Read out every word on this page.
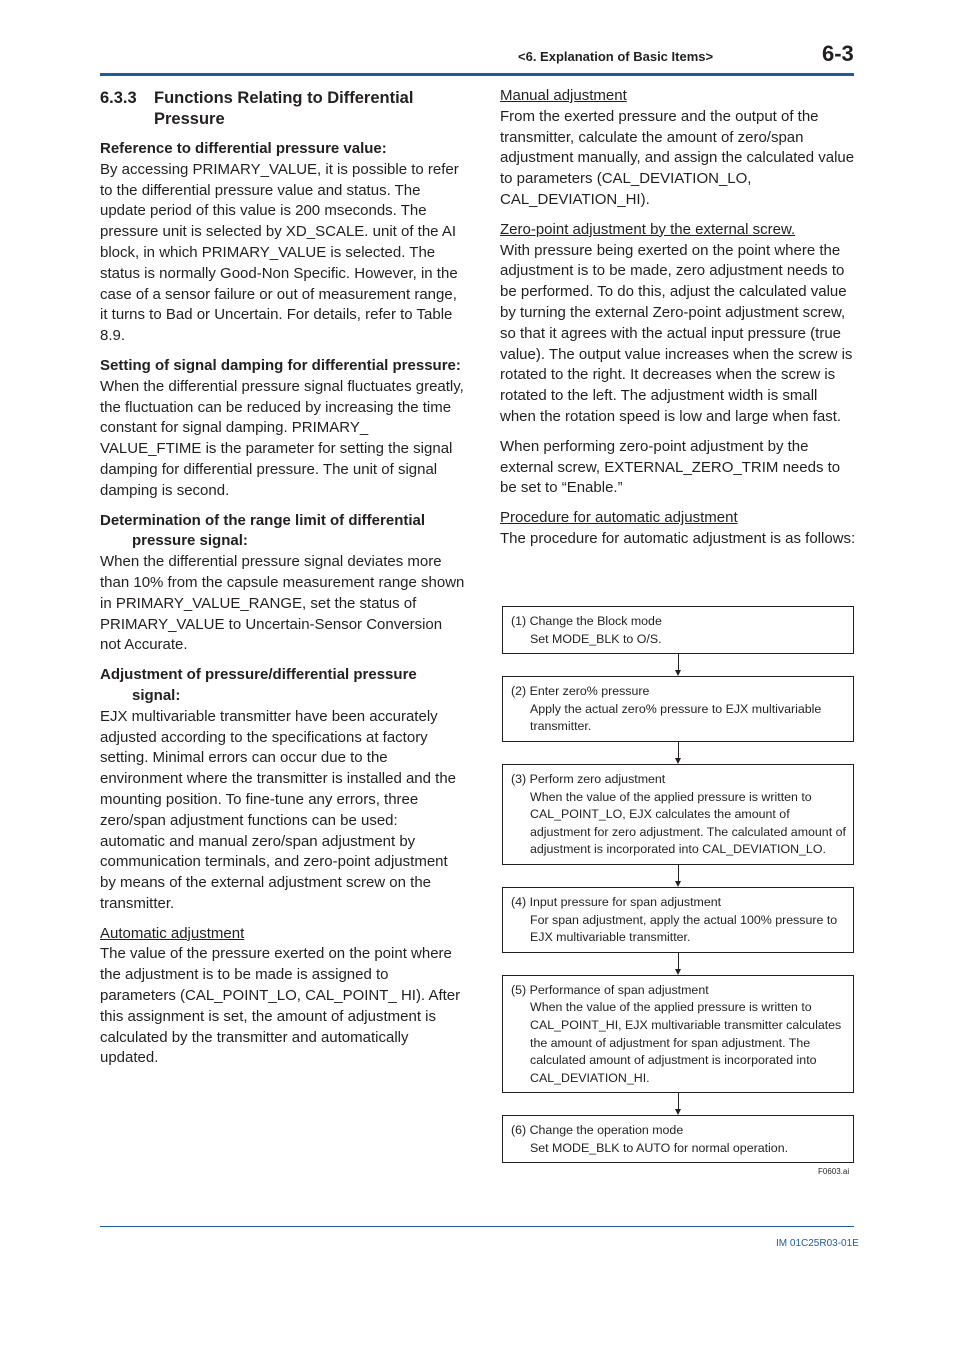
<6. Explanation of Basic Items>	6-3
6.3.3	Functions Relating to Differential Pressure
Reference to differential pressure value:

By accessing PRIMARY_VALUE, it is possible to refer to the differential pressure value and status. The update period of this value is 200 mseconds. The pressure unit is selected by XD_SCALE. unit of the AI block, in which PRIMARY_VALUE is selected. The status is normally Good-Non Specific. However, in the case of a sensor failure or out of measurement range, it turns to Bad or Uncertain. For details, refer to Table 8.9.

Setting of signal damping for differential pressure:

When the differential pressure signal fluctuates greatly, the fluctuation can be reduced by increasing the time constant for signal damping. PRIMARY_ VALUE_FTIME is the parameter for setting the signal damping for differential pressure. The unit of signal damping is second.

Determination of the range limit of differential pressure signal:

When the differential pressure signal deviates more than 10% from the capsule measurement range shown in PRIMARY_VALUE_RANGE, set the status of PRIMARY_VALUE to Uncertain-Sensor Conversion not Accurate.

Adjustment of pressure/differential pressure signal:

EJX multivariable transmitter have been accurately adjusted according to the specifications at factory setting. Minimal errors can occur due to the environment where the transmitter is installed and the mounting position. To fine-tune any errors, three zero/span adjustment functions can be used: automatic and manual zero/span adjustment by communication terminals, and zero-point adjustment by means of the external adjustment screw on the transmitter.

Automatic adjustment

The value of the pressure exerted on the point where the adjustment is to be made is assigned to parameters (CAL_POINT_LO, CAL_POINT_ HI). After this assignment is set, the amount of adjustment is calculated by the transmitter and automatically updated.

Manual adjustment

From the exerted pressure and the output of the transmitter, calculate the amount of zero/span adjustment manually, and assign the calculated value to parameters (CAL_DEVIATION_LO, CAL_DEVIATION_HI).

Zero-point adjustment by the external screw.

With pressure being exerted on the point where the adjustment is to be made, zero adjustment needs to be performed. To do this, adjust the calculated value by turning the external Zero-point adjustment screw, so that it agrees with the actual input pressure (true value). The output value increases when the screw is rotated to the right. It decreases when the screw is rotated to the left. The adjustment width is small when the rotation speed is low and large when fast.

When performing zero-point adjustment by the external screw, EXTERNAL_ZERO_TRIM needs to be set to “Enable.”

Procedure for automatic adjustment

The procedure for automatic adjustment is as follows:

(1) Change the Block mode
Set MODE_BLK to O/S.
(2) Enter zero% pressure
Apply the actual zero% pressure to EJX multivariable transmitter.
(3) Perform zero adjustment
When the value of the applied pressure is written to CAL_POINT_LO, EJX calculates the amount of adjustment for zero adjustment. The calculated amount of adjustment is incorporated into CAL_DEVIATION_LO.
(4) Input pressure for span adjustment
For span adjustment, apply the actual 100% pressure to EJX multivariable transmitter.
(5) Performance of span adjustment
When the value of the applied pressure is written to CAL_POINT_HI, EJX multivariable transmitter calculates the amount of adjustment for span adjustment. The calculated amount of adjustment is incorporated into CAL_DEVIATION_HI.
(6) Change the operation mode
Set MODE_BLK to AUTO for normal operation.
F0603.ai
IM 01C25R03-01E
